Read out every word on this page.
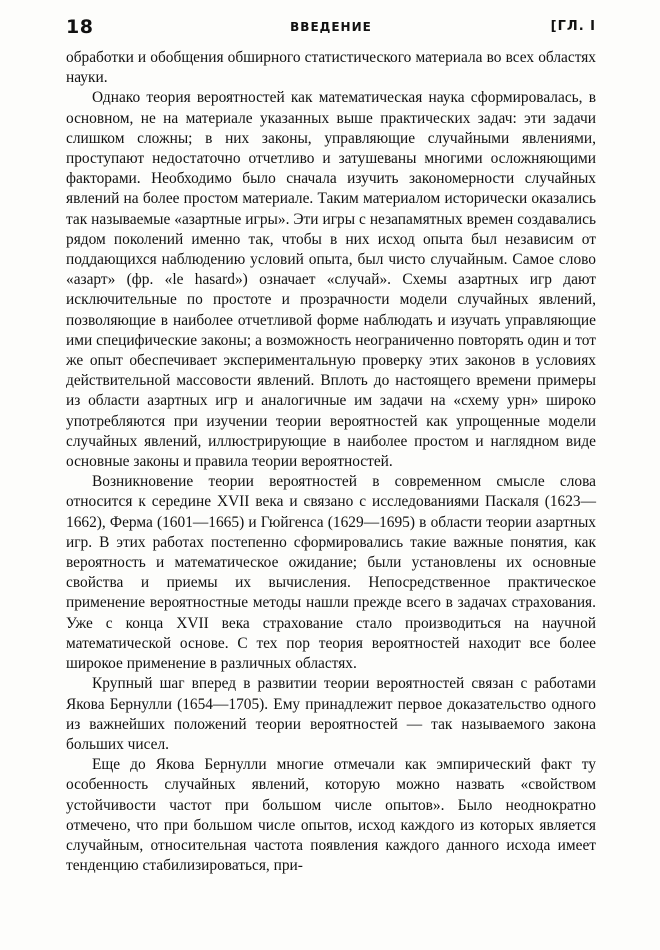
18	ВВЕДЕНИЕ	[ГЛ. I

обработки и обобщения обширного статистического материала во всех областях науки.

Однако теория вероятностей как математическая наука сформировалась, в основном, не на материале указанных выше практических задач: эти задачи слишком сложны; в них законы, управляющие случайными явлениями, проступают недостаточно отчетливо и затушеваны многими осложняющими факторами. Необходимо было сначала изучить закономерности случайных явлений на более простом материале. Таким материалом исторически оказались так называемые «азартные игры». Эти игры с незапамятных времен создавались рядом поколений именно так, чтобы в них исход опыта был независим от поддающихся наблюдению условий опыта, был чисто случайным. Самое слово «азарт» (фр. «le hasard») означает «случай». Схемы азартных игр дают исключительные по простоте и прозрачности модели случайных явлений, позволяющие в наиболее отчетливой форме наблюдать и изучать управляющие ими специфические законы; а возможность неограниченно повторять один и тот же опыт обеспечивает экспериментальную проверку этих законов в условиях действительной массовости явлений. Вплоть до настоящего времени примеры из области азартных игр и аналогичные им задачи на «схему урн» широко употребляются при изучении теории вероятностей как упрощенные модели случайных явлений, иллюстрирующие в наиболее простом и наглядном виде основные законы и правила теории вероятностей.

Возникновение теории вероятностей в современном смысле слова относится к середине XVII века и связано с исследованиями Паскаля (1623—1662), Ферма (1601—1665) и Гюйгенса (1629—1695) в области теории азартных игр. В этих работах постепенно сформировались такие важные понятия, как вероятность и математическое ожидание; были установлены их основные свойства и приемы их вычисления. Непосредственное практическое применение вероятностные методы нашли прежде всего в задачах страхования. Уже с конца XVII века страхование стало производиться на научной математической основе. С тех пор теория вероятностей находит все более широкое применение в различных областях.

Крупный шаг вперед в развитии теории вероятностей связан с работами Якова Бернулли (1654—1705). Ему принадлежит первое доказательство одного из важнейших положений теории вероятностей — так называемого закона больших чисел.

Еще до Якова Бернулли многие отмечали как эмпирический факт ту особенность случайных явлений, которую можно назвать «свойством устойчивости частот при большом числе опытов». Было неоднократно отмечено, что при большом числе опытов, исход каждого из которых является случайным, относительная частота появления каждого данного исхода имеет тенденцию стабилизироваться, при-
